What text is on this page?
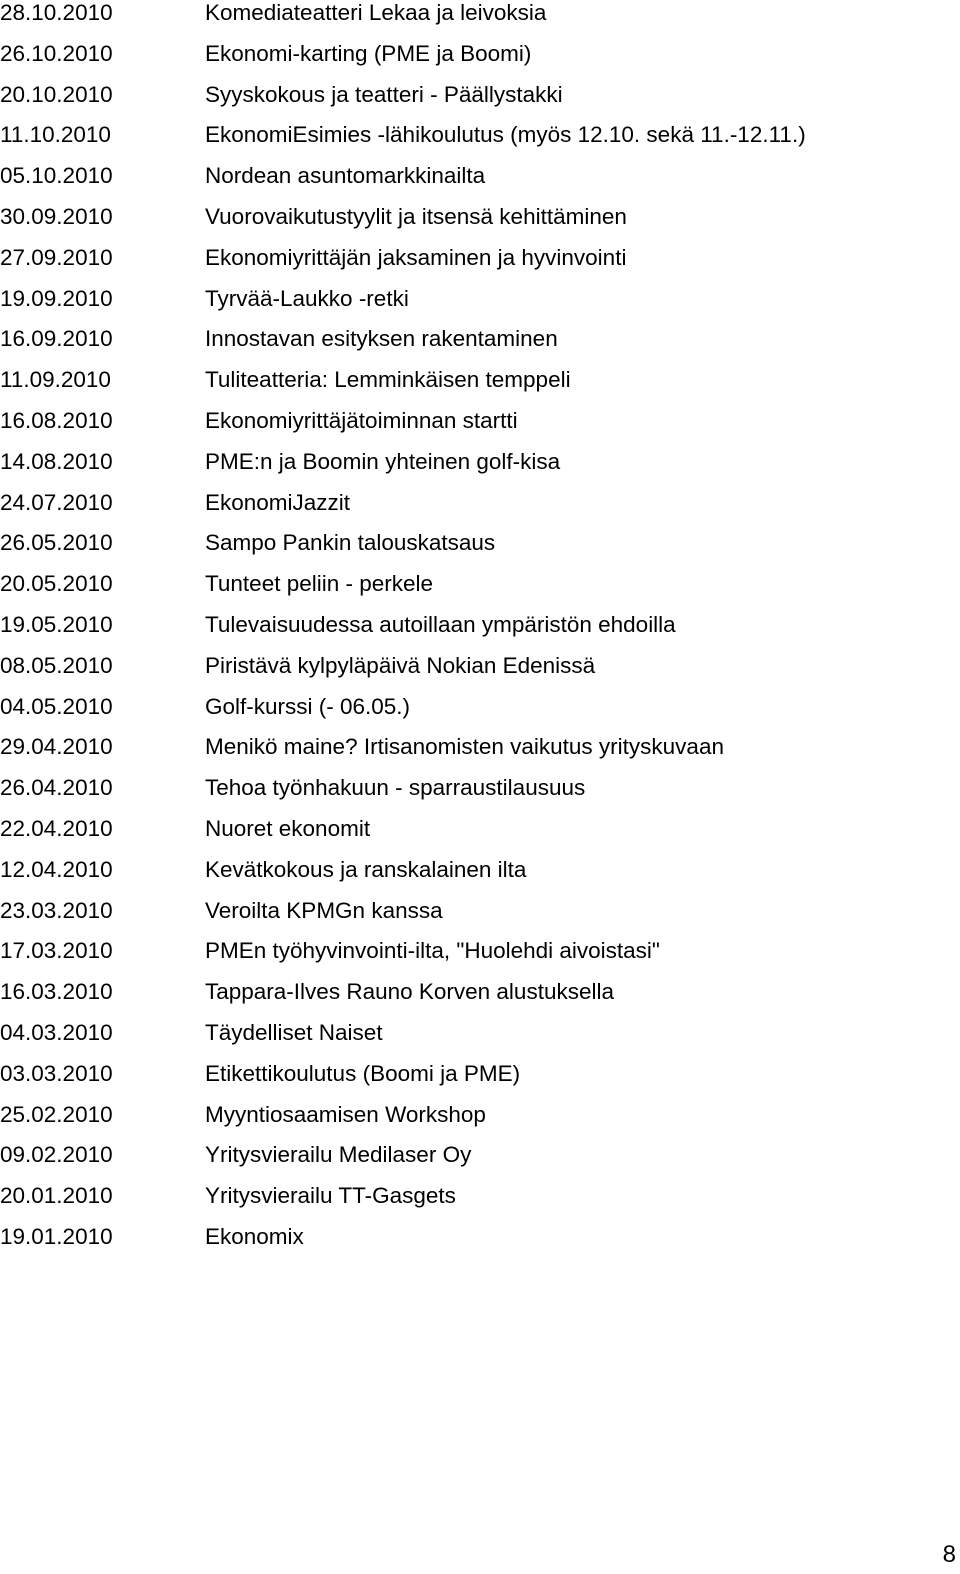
28.10.2010	Komediateatteri Lekaa ja leivoksia
26.10.2010	Ekonomi-karting (PME ja Boomi)
20.10.2010	Syyskokous ja teatteri - Päällystakki
11.10.2010	EkonomiEsimies -lähikoulutus (myös 12.10. sekä 11.-12.11.)
05.10.2010	Nordean asuntomarkkinailta
30.09.2010	Vuorovaikutustyylit ja itsensä kehittäminen
27.09.2010	Ekonomiyrittäjän jaksaminen ja hyvinvointi
19.09.2010	Tyrvää-Laukko -retki
16.09.2010	Innostavan esityksen rakentaminen
11.09.2010	Tuliteatteria: Lemminkäisen temppeli
16.08.2010	Ekonomiyrittäjätoiminnan startti
14.08.2010	PME:n ja Boomin yhteinen golf-kisa
24.07.2010	EkonomiJazzit
26.05.2010	Sampo Pankin talouskatsaus
20.05.2010	Tunteet peliin - perkele
19.05.2010	Tulevaisuudessa autoillaan ympäristön ehdoilla
08.05.2010	Piristävä kylpyläpäivä Nokian Edenissä
04.05.2010	Golf-kurssi (- 06.05.)
29.04.2010	Menikö maine? Irtisanomisten vaikutus yrityskuvaan
26.04.2010	Tehoa työnhakuun - sparraustilausuus
22.04.2010	Nuoret ekonomit
12.04.2010	Kevätkokous ja ranskalainen ilta
23.03.2010	Veroilta KPMGn kanssa
17.03.2010	PMEn työhyvinvointi-ilta, "Huolehdi aivoistasi"
16.03.2010	Tappara-Ilves Rauno Korven alustuksella
04.03.2010	Täydelliset Naiset
03.03.2010	Etikettikoulutus (Boomi ja PME)
25.02.2010	Myyntiosaamisen Workshop
09.02.2010	Yritysvierailu Medilaser Oy
20.01.2010	Yritysvierailu TT-Gasgets
19.01.2010	Ekonomix
8
